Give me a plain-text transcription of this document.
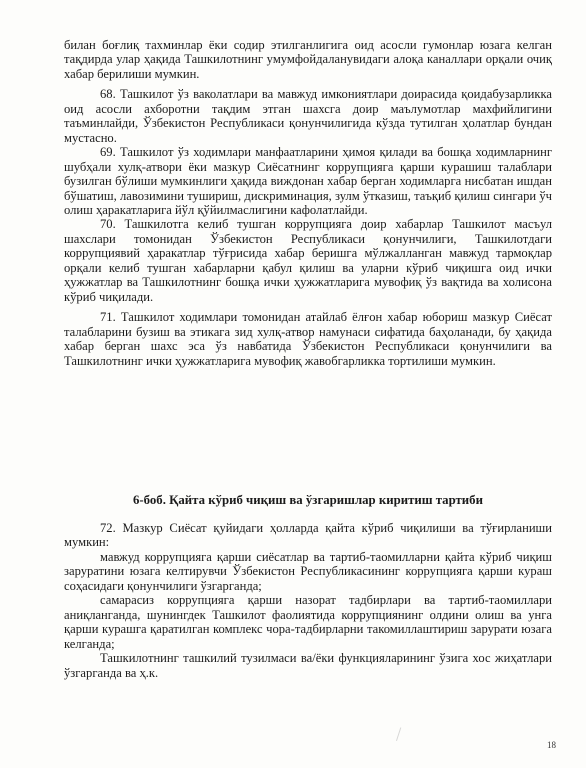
билан боғлиқ тахминлар ёки содир этилганлигига оид асосли гумонлар юзага келган тақдирда улар ҳақида Ташкилотнинг умумфойдаланувидаги алоқа каналлари орқали очиқ хабар берилиши мумкин.

68. Ташкилот ўз ваколатлари ва мавжуд имкониятлари доирасида қоидабузарликка оид асосли ахборотни тақдим этган шахсга доир маълумотлар махфийлигини таъминлайди, Ўзбекистон Республикаси қонунчилигида кўзда тутилган ҳолатлар бундан мустасно.

69. Ташкилот ўз ходимлари манфаатларини ҳимоя қилади ва бошқа ходимларнинг шубҳали хулқ-атвори ёки мазкур Сиёсатнинг коррупцияга қарши курашиш талаблари бузилган бўлиши мумкинлиги ҳақида виждонан хабар берган ходимларга нисбатан ишдан бўшатиш, лавозимини тушириш, дискриминация, зулм ўтказиш, таъқиб қилиш сингари ўч олиш ҳаракатларига йўл қўйилмаслигини кафолатлайди.

70. Ташкилотга келиб тушган коррупцияга доир хабарлар Ташкилот масъул шахслари томонидан Ўзбекистон Республикаси қонунчилиги, Ташкилотдаги коррупциявий ҳаракатлар тўғрисида хабар беришга мўлжалланган мавжуд тармоқлар орқали келиб тушган хабарларни қабул қилиш ва уларни кўриб чиқишга оид ички ҳужжатлар ва Ташкилотнинг бошқа ички ҳужжатларига мувофиқ ўз вақтида ва холисона кўриб чиқилади.

71. Ташкилот ходимлари томонидан атайлаб ёлғон хабар юбориш мазкур Сиёсат талабларини бузиш ва этикага зид хулқ-атвор намунаси сифатида баҳоланади, бу ҳақида хабар берган шахс эса ўз навбатида Ўзбекистон Республикаси қонунчилиги ва Ташкилотнинг ички ҳужжатларига мувофиқ жавобгарликка тортилиши мумкин.

6-боб. Қайта кўриб чиқиш ва ўзгаришлар киритиш тартиби

72. Мазкур Сиёсат қуйидаги ҳолларда қайта кўриб чиқилиши ва тўғирланиши мумкин:

мавжуд коррупцияга қарши сиёсатлар ва тартиб-таомилларни қайта кўриб чиқиш заруратини юзага келтирувчи Ўзбекистон Республикасининг коррупцияга қарши кураш соҳасидаги қонунчилиги ўзгарганда;

самарасиз коррупцияга қарши назорат тадбирлари ва тартиб-таомиллари аниқланганда, шунингдек Ташкилот фаолиятида коррупциянинг олдини олиш ва унга қарши курашга қаратилган комплекс чора-тадбирларни такомиллаштириш зарурати юзага келганда;

Ташкилотнинг ташкилий тузилмаси ва/ёки функцияларининг ўзига хос жиҳатлари ўзгарганда ва ҳ.к.

18
